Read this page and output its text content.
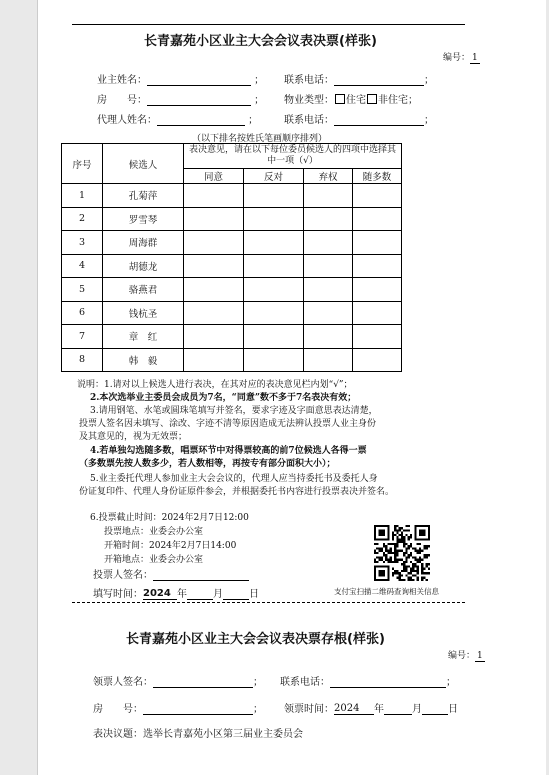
长青嘉苑小区业主大会会议表决票(样张)
编号： 1
业主姓名：	； 联系电话：	；
房　　号：	； 物业类型： 住宅 非住宅；
代理人姓名：	；	联系电话：	；
（以下排名按姓氏笔画顺序排列）
序号	候选人	表决意见，请在以下每位委员候选人的四项中选择其中一项（√）			
		同意	反对	弃权	随多数
1	孔菊萍				
2	罗雪琴				
3	周海群				
4	胡德龙				
5	骆燕君				
6	钱杭圣				
7	章　红				
8	韩　毅				
说明：1.请对以上候选人进行表决，在其对应的表决意见栏内划“√”；
2.本次选举业主委员会成员为7名，“同意”数不多于7名表决有效；
3.请用钢笔、水笔或圆珠笔填写并签名，要求字迹及字面意思表达清楚，
投票人签名因未填写、涂改、字迹不清等原因造成无法辨认投票人业主身份
及其意见的，视为无效票；
4.若单独勾选随多数，唱票环节中对得票较高的前7位候选人各得一票
（多数票先按人数多少，若人数相等，再按专有部分面积大小）；
5.业主委托代理人参加业主大会会议的，代理人应当持委托书及委托人身
份证复印件、代理人身份证原件参会，并根据委托书内容进行投票表决并签名。
6.投票截止时间：2024年2月7日12:00
投票地点：业委会办公室
开箱时间：2024年2月7日14:00
开箱地点：业委会办公室
投票人签名：
填写时间：2024 年	月	日	支付宝扫描二维码查询相关信息
长青嘉苑小区业主大会会议表决票存根(样张)
编号： 1
领票人签名：	； 联系电话：	；
房　　号：	； 领票时间：2024 年	月	日
表决议题：选举长青嘉苑小区第三届业主委员会
